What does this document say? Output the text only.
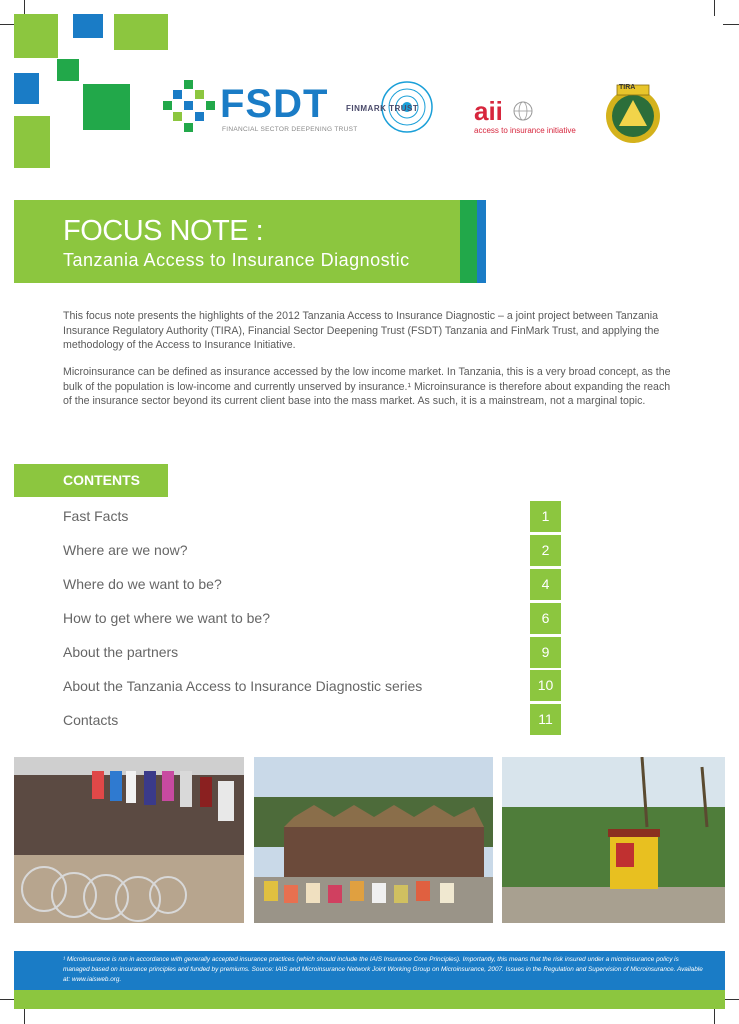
FSDT
FINANCIAL SECTOR DEEPENING TRUST
FINMARK TRUST aii
access to insurance initiative
TIRA
FOCUS NOTE :
Tanzania Access to Insurance Diagnostic

This focus note presents the highlights of the 2012 Tanzania Access to Insurance Diagnostic – a joint project between Tanzania Insurance Regulatory Authority (TIRA), Financial Sector Deepening Trust (FSDT) Tanzania and FinMark Trust, and applying the methodology of the Access to Insurance Initiative.

Microinsurance can be defined as insurance accessed by the low income market. In Tanzania, this is a very broad concept, as the bulk of the population is low-income and currently unserved by insurance.¹ Microinsurance is therefore about expanding the reach of the insurance sector beyond its current client base into the mass market. As such, it is a mainstream, not a marginal topic.

CONTENTS
Fast Facts	1
Where are we now?	2
Where do we want to be?	4
How to get where we want to be?	6
About the partners	9
About the Tanzania Access to Insurance Diagnostic series	10
Contacts	11

¹ Microinsurance is run in accordance with generally accepted insurance practices (which should include the IAIS Insurance Core Principles). Importantly, this means that the risk insured under a microinsurance policy is managed based on insurance principles and funded by premiums. Source: IAIS and Microinsurance Network Joint Working Group on Microinsurance, 2007. Issues in the Regulation and Supervision of Microinsurance. Available at: www.iaisweb.org.
